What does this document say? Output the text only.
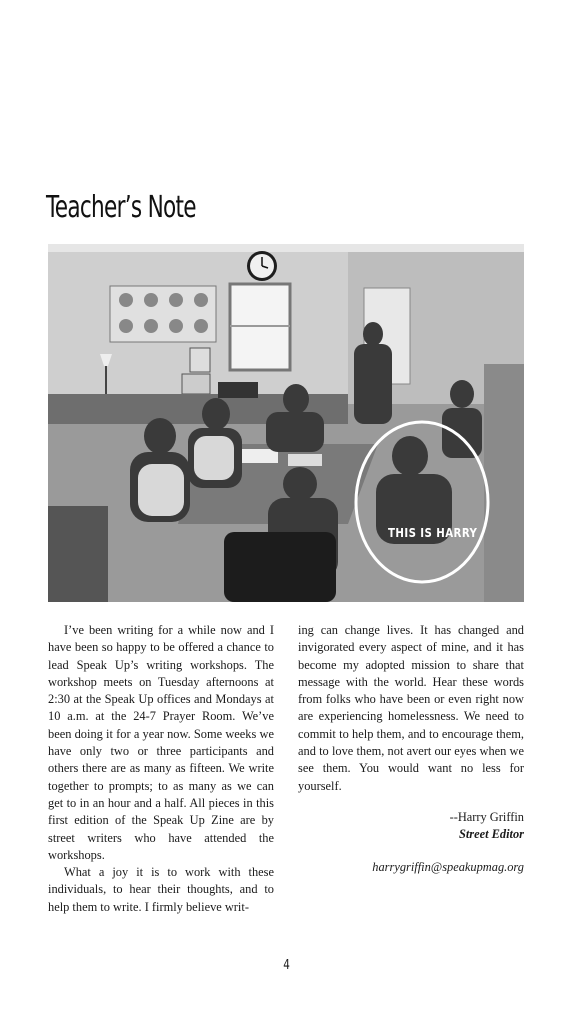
Teacher’s Note
THIS IS HARRY

I’ve been writing for a while now and I have been so happy to be offered a chance to lead Speak Up’s writing workshops. The workshop meets on Tuesday afternoons at 2:30 at the Speak Up offices and Mondays at 10 a.m. at the 24-7 Prayer Room. We’ve been doing it for a year now. Some weeks we have only two or three participants and others there are as many as fifteen. We write together to prompts; to as many as we can get to in an hour and a half. All pieces in this first edition of the Speak Up Zine are by street writers who have attended the workshops.

What a joy it is to work with these individuals, to hear their thoughts, and to help them to write. I firmly believe writ-

ing can change lives. It has changed and invigorated every aspect of mine, and it has become my adopted mission to share that message with the world. Hear these words from folks who have been or even right now are experiencing homelessness. We need to commit to help them, and to encourage them, and to love them, not avert our eyes when we see them. You would want no less for yourself.

--Harry Griffin
Street Editor
harrygriffin@speakupmag.org
4
